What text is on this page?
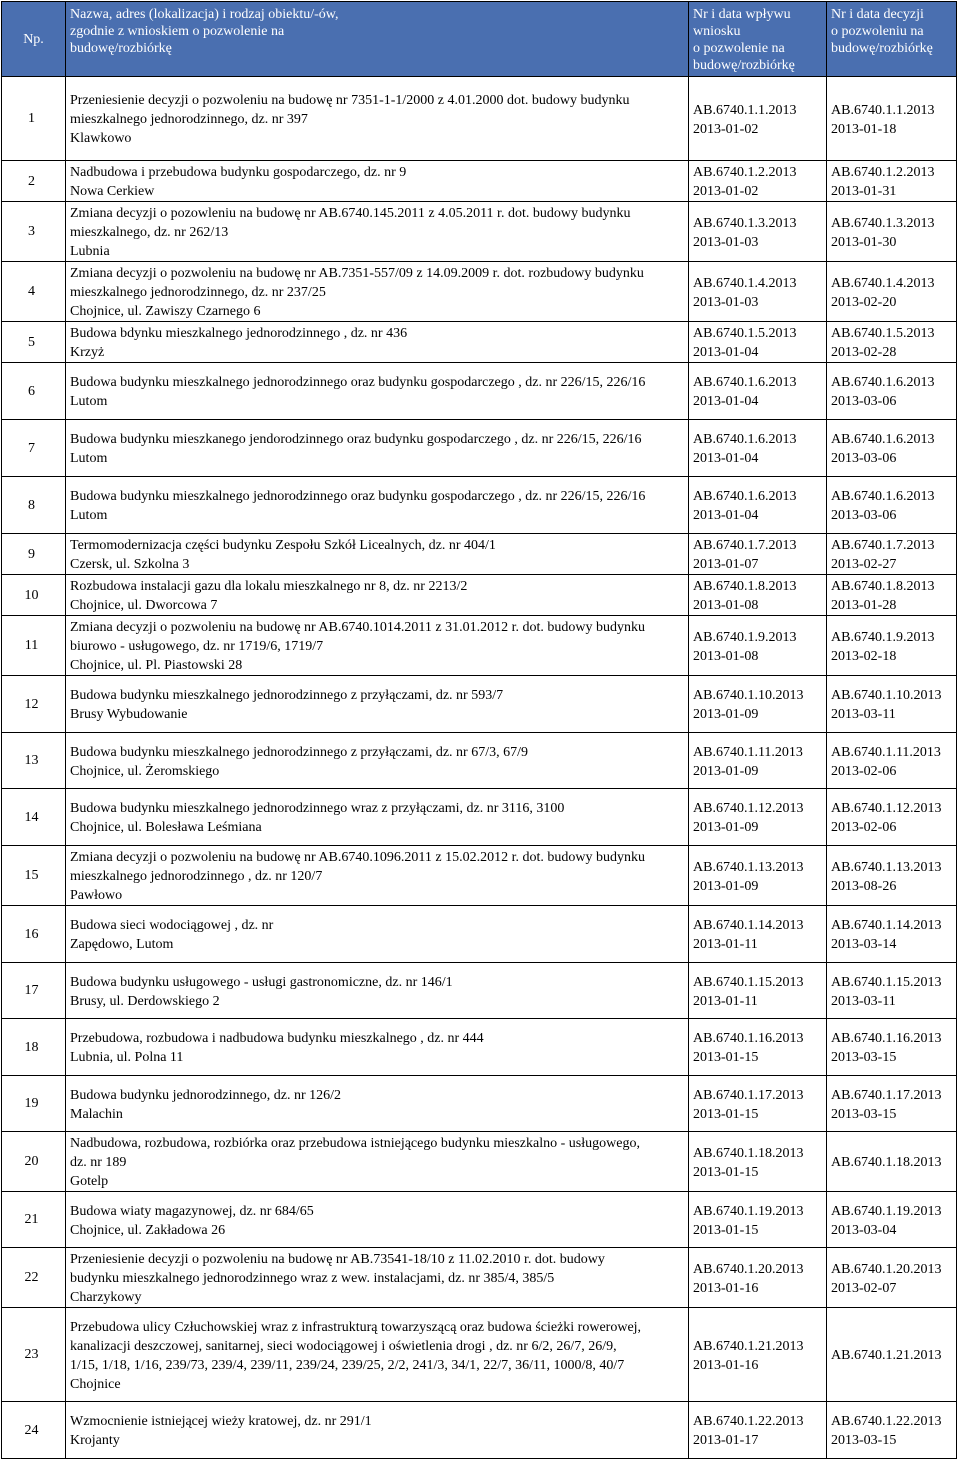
Np.	Nazwa, adres (lokalizacja) i rodzaj obiektu/-ów,
zgodnie z wnioskiem o pozwolenie na
budowę/rozbiórkę	Nr i data wpływu
wniosku
o pozwolenie na
budowę/rozbiórkę	Nr i data decyzji
o pozwoleniu na
budowę/rozbiórkę

1	Przeniesienie decyzji o pozwoleniu na budowę nr 7351-1-1/2000 z 4.01.2000 dot. budowy budynku
mieszkalnego jednorodzinnego, dz. nr 397
Klawkowo	AB.6740.1.1.2013
2013-01-02	AB.6740.1.1.2013
2013-01-18

2	Nadbudowa i przebudowa budynku gospodarczego, dz. nr 9
Nowa Cerkiew	AB.6740.1.2.2013
2013-01-02	AB.6740.1.2.2013
2013-01-31

3	Zmiana decyzji o pozowleniu na budowę nr AB.6740.145.2011 z 4.05.2011 r. dot. budowy budynku
mieszkalnego, dz. nr 262/13
Lubnia	AB.6740.1.3.2013
2013-01-03	AB.6740.1.3.2013
2013-01-30

4	Zmiana decyzji o pozwoleniu na budowę nr AB.7351-557/09 z 14.09.2009 r. dot. rozbudowy budynku
mieszkalnego jednorodzinnego, dz. nr 237/25
Chojnice, ul. Zawiszy Czarnego 6	AB.6740.1.4.2013
2013-01-03	AB.6740.1.4.2013
2013-02-20

5	Budowa bdynku mieszkalnego jednorodzinnego , dz. nr 436
Krzyż	AB.6740.1.5.2013
2013-01-04	AB.6740.1.5.2013
2013-02-28

6	Budowa budynku mieszkalnego jednorodzinnego oraz budynku gospodarczego , dz. nr 226/15, 226/16
Lutom	AB.6740.1.6.2013
2013-01-04	AB.6740.1.6.2013
2013-03-06

7	Budowa budynku mieszkanego jendorodzinnego oraz budynku gospodarczego , dz. nr 226/15, 226/16
Lutom	AB.6740.1.6.2013
2013-01-04	AB.6740.1.6.2013
2013-03-06

8	Budowa budynku mieszkalnego jednorodzinnego oraz budynku gospodarczego , dz. nr 226/15, 226/16
Lutom	AB.6740.1.6.2013
2013-01-04	AB.6740.1.6.2013
2013-03-06

9	Termomodernizacja części budynku Zespołu Szkół Licealnych, dz. nr 404/1
Czersk, ul. Szkolna 3	AB.6740.1.7.2013
2013-01-07	AB.6740.1.7.2013
2013-02-27

10	Rozbudowa instalacji gazu dla lokalu mieszkalnego nr 8, dz. nr 2213/2
Chojnice, ul. Dworcowa 7	AB.6740.1.8.2013
2013-01-08	AB.6740.1.8.2013
2013-01-28

11	Zmiana decyzji o pozwoleniu na budowę nr AB.6740.1014.2011 z 31.01.2012 r. dot. budowy budynku
biurowo - usługowego, dz. nr 1719/6, 1719/7
Chojnice, ul. Pl. Piastowski 28	AB.6740.1.9.2013
2013-01-08	AB.6740.1.9.2013
2013-02-18

12	Budowa budynku mieszkalnego jednorodzinnego z przyłączami, dz. nr 593/7
Brusy Wybudowanie	AB.6740.1.10.2013
2013-01-09	AB.6740.1.10.2013
2013-03-11

13	Budowa budynku mieszkalnego jednorodzinnego z przyłączami, dz. nr 67/3, 67/9
Chojnice, ul. Żeromskiego	AB.6740.1.11.2013
2013-01-09	AB.6740.1.11.2013
2013-02-06

14	Budowa budynku mieszkalnego jednorodzinnego wraz z przyłączami, dz. nr 3116, 3100
Chojnice, ul. Bolesława Leśmiana	AB.6740.1.12.2013
2013-01-09	AB.6740.1.12.2013
2013-02-06

15	Zmiana decyzji o pozwoleniu na budowę nr AB.6740.1096.2011 z 15.02.2012 r. dot. budowy budynku
mieszkalnego jednorodzinnego , dz. nr 120/7
Pawłowo	AB.6740.1.13.2013
2013-01-09	AB.6740.1.13.2013
2013-08-26

16	Budowa sieci wodociągowej , dz. nr
Zapędowo, Lutom	AB.6740.1.14.2013
2013-01-11	AB.6740.1.14.2013
2013-03-14

17	Budowa budynku usługowego - usługi gastronomiczne, dz. nr 146/1
Brusy, ul. Derdowskiego 2	AB.6740.1.15.2013
2013-01-11	AB.6740.1.15.2013
2013-03-11

18	Przebudowa, rozbudowa i nadbudowa budynku mieszkalnego , dz. nr 444
Lubnia, ul. Polna 11	AB.6740.1.16.2013
2013-01-15	AB.6740.1.16.2013
2013-03-15

19	Budowa budynku jednorodzinnego, dz. nr 126/2
Malachin	AB.6740.1.17.2013
2013-01-15	AB.6740.1.17.2013
2013-03-15

20	Nadbudowa, rozbudowa, rozbiórka oraz przebudowa istniejącego budynku mieszkalno - usługowego,
dz. nr 189
Gotelp	AB.6740.1.18.2013
2013-01-15	AB.6740.1.18.2013

21	Budowa wiaty magazynowej, dz. nr 684/65
Chojnice, ul. Zakładowa 26	AB.6740.1.19.2013
2013-01-15	AB.6740.1.19.2013
2013-03-04

22	Przeniesienie decyzji o pozwoleniu na budowę nr AB.73541-18/10 z 11.02.2010 r. dot. budowy
budynku mieszkalnego jednorodzinnego wraz z wew. instalacjami, dz. nr 385/4, 385/5
Charzykowy	AB.6740.1.20.2013
2013-01-16	AB.6740.1.20.2013
2013-02-07

23	Przebudowa ulicy Człuchowskiej wraz z infrastrukturą towarzyszącą oraz budowa ścieżki rowerowej,
kanalizacji deszczowej, sanitarnej, sieci wodociągowej i oświetlenia drogi , dz. nr 6/2, 26/7, 26/9,
1/15, 1/18, 1/16, 239/73, 239/4, 239/11, 239/24, 239/25, 2/2, 241/3, 34/1, 22/7, 36/11, 1000/8, 40/7
Chojnice	AB.6740.1.21.2013
2013-01-16	AB.6740.1.21.2013

24	Wzmocnienie istniejącej wieży kratowej, dz. nr 291/1
Krojanty	AB.6740.1.22.2013
2013-01-17	AB.6740.1.22.2013
2013-03-15
